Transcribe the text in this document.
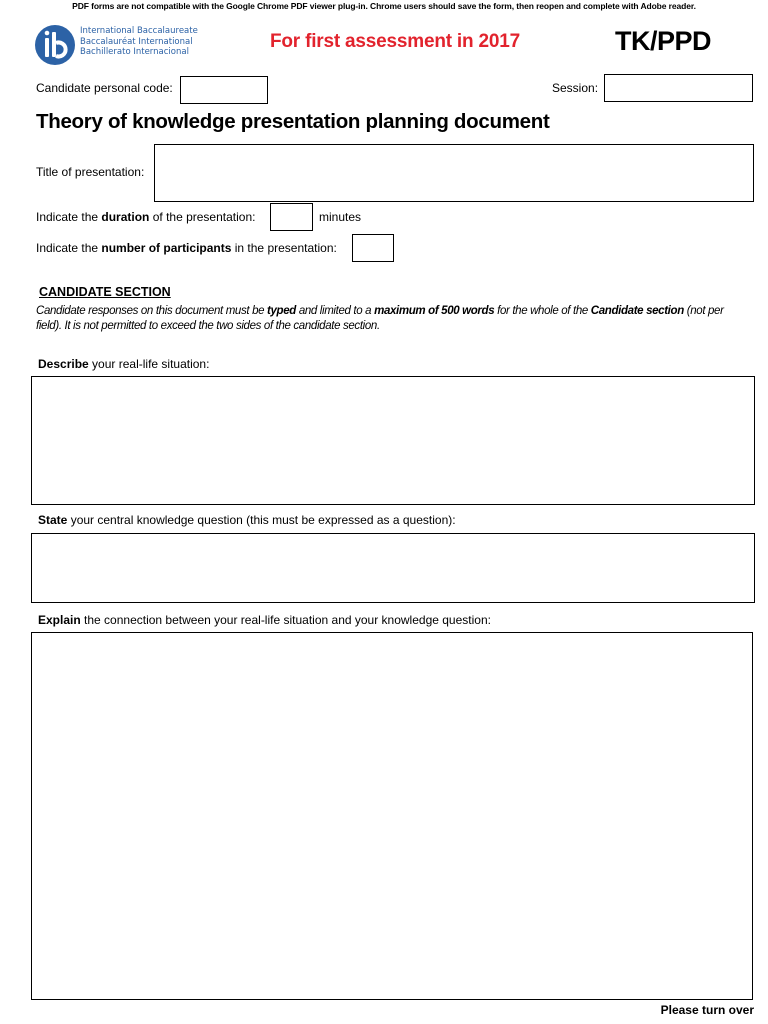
PDF forms are not compatible with the Google Chrome PDF viewer plug-in. Chrome users should save the form, then reopen and complete with Adobe reader.
International Baccalaureate
Baccalauréat International
Bachillerato Internacional	For first assessment in 2017	TK/PPD
Candidate personal code:	Session:
Theory of knowledge presentation planning document
Title of presentation:
Indicate the duration of the presentation:	minutes
Indicate the number of participants in the presentation:
CANDIDATE SECTION
Candidate responses on this document must be typed and limited to a maximum of 500 words for the whole of the Candidate section (not per field). It is not permitted to exceed the two sides of the candidate section.
Describe your real-life situation:
State your central knowledge question (this must be expressed as a question):
Explain the connection between your real-life situation and your knowledge question:
Please turn over
